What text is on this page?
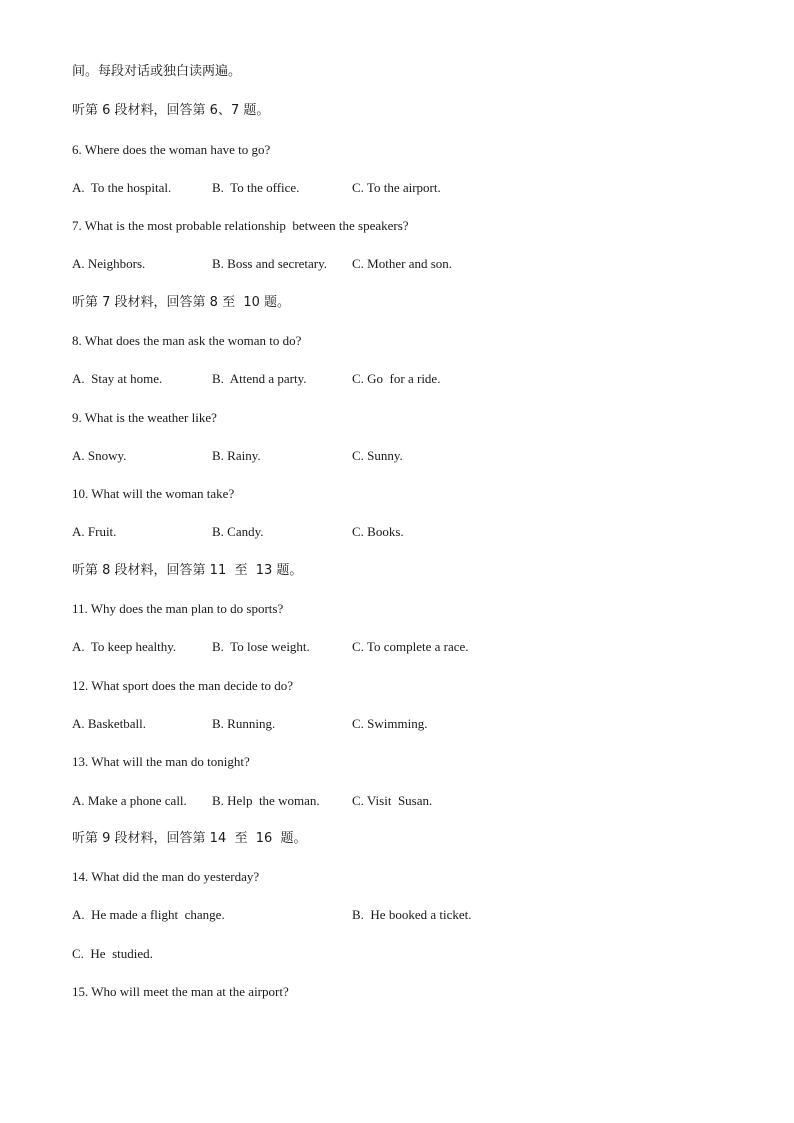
间。每段对话或独白读两遍。
听第 6 段材料，回答第 6、7 题。
6. Where does the woman have to go?
A.  To the hospital.	B.  To the office.	C. To the airport.
7. What is the most probable relationship  between the speakers?
A. Neighbors.	B. Boss and secretary. C. Mother and son.
听第 7 段材料，回答第 8 至  10 题。
8. What does the man ask the woman to do?
A.  Stay at home.	B.  Attend a party.	C. Go  for a ride.
9. What is the weather like?
A. Snowy.	B. Rainy.	C. Sunny.
10. What will the woman take?
A. Fruit.	B. Candy.	C. Books.
听第 8 段材料，回答第 11  至  13 题。
11. Why does the man plan to do sports?
A.  To keep healthy.	B.  To lose weight.	C. To complete a race.
12. What sport does the man decide to do?
A. Basketball.	B. Running.	C. Swimming.
13. What will the man do tonight?
A. Make a phone call. B. Help  the woman. C. Visit  Susan.
听第 9 段材料，回答第 14  至  16  题。
14. What did the man do yesterday?
A.  He made a flight  change.	B.  He booked a ticket.
C.  He  studied.
15. Who will meet the man at the airport?
